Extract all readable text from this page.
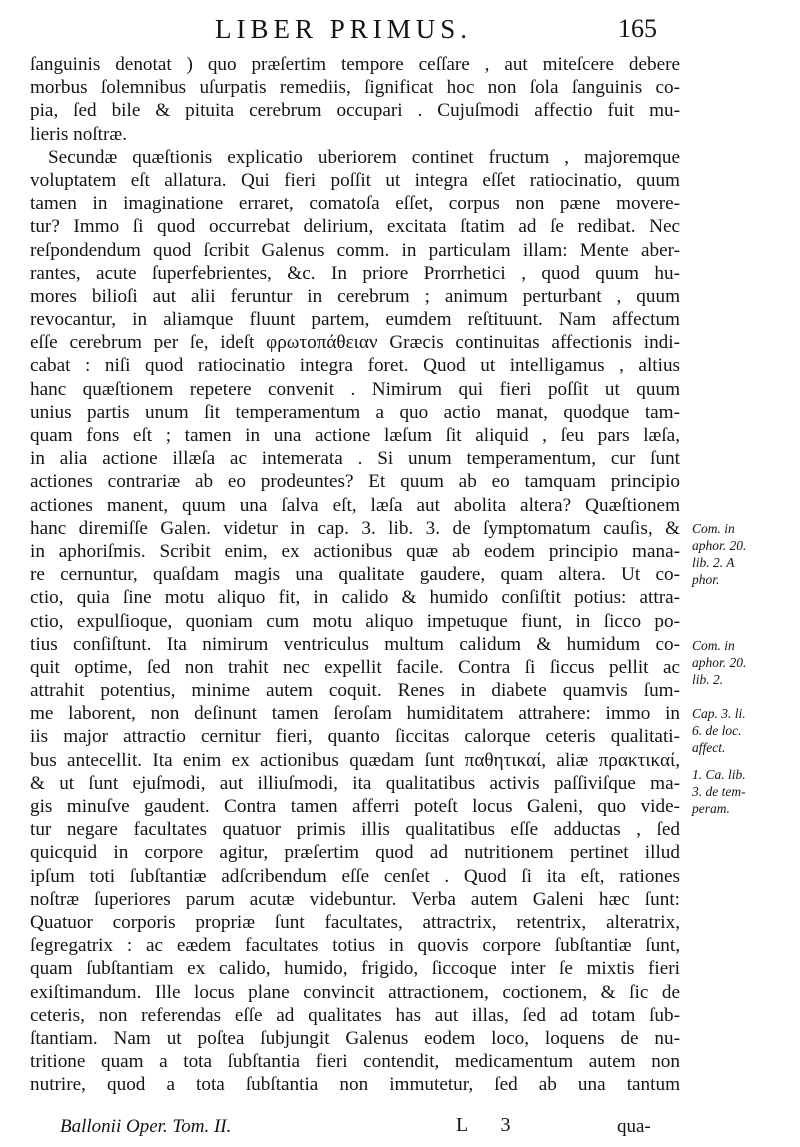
LIBER PRIMUS.	165
ſanguinis denotat ) quo præſertim tempore ceſſare , aut miteſcere debere
morbus ſolemnibus uſurpatis remediis, ſignificat hoc non ſola ſanguinis co-
pia, ſed bile & pituita cerebrum occupari . Cujuſmodi affectio fuit mu-
lieris noſtræ.
Secundæ quæſtionis explicatio uberiorem continet fructum , majoremque
voluptatem eſt allatura. Qui fieri poſſit ut integra eſſet ratiocinatio, quum
tamen in imaginatione erraret, comatoſa eſſet, corpus non pæne movere-
tur? Immo ſi quod occurrebat delirium, excitata ſtatim ad ſe redibat. Nec
reſpondendum quod ſcribit Galenus comm. in particulam illam: Mente aber-
rantes, acute ſuperfebrientes, &c. In priore Prorrhetici , quod quum hu-
mores bilioſi aut alii feruntur in cerebrum ; animum perturbant , quum
revocantur, in aliamque fluunt partem, eumdem reſtituunt. Nam affectum
eſſe cerebrum per ſe, ideſt φρωτοπάθειαν Græcis continuitas affectionis indi-
cabat : niſi quod ratiocinatio integra foret. Quod ut intelligamus , altius
hanc quæſtionem repetere convenit . Nimirum qui fieri poſſit ut quum
unius partis unum ſit temperamentum a quo actio manat, quodque tam-
quam fons eſt ; tamen in una actione læſum ſit aliquid , ſeu pars læſa,
in alia actione illæſa ac intemerata . Si unum temperamentum, cur ſunt
actiones contrariæ ab eo prodeuntes? Et quum ab eo tamquam principio
actiones manent, quum una ſalva eſt, læſa aut abolita altera? Quæſtionem
hanc diremiſſe Galen. videtur in cap. 3. lib. 3. de ſymptomatum cauſis, &
in aphoriſmis. Scribit enim, ex actionibus quæ ab eodem principio mana-
re cernuntur, quaſdam magis una qualitate gaudere, quam altera. Ut co-
ctio, quia ſine motu aliquo fit, in calido & humido conſiſtit potius: attra-
ctio, expulſioque, quoniam cum motu aliquo impetuque fiunt, in ſicco po-
tius conſiſtunt. Ita nimirum ventriculus multum calidum & humidum co-
quit optime, ſed non trahit nec expellit facile. Contra ſi ſiccus pellit ac
attrahit potentius, minime autem coquit. Renes in diabete quamvis ſum-
me laborent, non deſinunt tamen ſeroſam humiditatem attrahere: immo in
iis major attractio cernitur fieri, quanto ſiccitas calorque ceteris qualitati-
bus antecellit. Ita enim ex actionibus quædam ſunt παθητικαί, aliæ πρακτικαί,
& ut ſunt ejuſmodi, aut illiuſmodi, ita qualitatibus activis paſſiviſque ma-
gis minuſve gaudent. Contra tamen afferri poteſt locus Galeni, quo vide-
tur negare facultates quatuor primis illis qualitatibus eſſe adductas , ſed
quicquid in corpore agitur, præſertim quod ad nutritionem pertinet illud
ipſum toti ſubſtantiæ adſcribendum eſſe cenſet . Quod ſi ita eſt, rationes
noſtræ ſuperiores parum acutæ videbuntur. Verba autem Galeni hæc ſunt:
Quatuor corporis propriæ ſunt facultates, attractrix, retentrix, alteratrix,
ſegregatrix : ac eædem facultates totius in quovis corpore ſubſtantiæ ſunt,
quam ſubſtantiam ex calido, humido, frigido, ſiccoque inter ſe mixtis fieri
exiſtimandum. Ille locus plane convincit attractionem, coctionem, & ſic de
ceteris, non referendas eſſe ad qualitates has aut illas, ſed ad totam ſub-
ſtantiam. Nam ut poſtea ſubjungit Galenus eodem loco, loquens de nu-
tritione quam a tota ſubſtantia fieri contendit, medicamentum autem non
nutrire, quod a tota ſubſtantia non immutetur, ſed ab una tantum
Com. in
aphor. 20.
lib. 2. A
phor.
Com. in
aphor. 20.
lib. 2.
Cap. 3. li.
6. de loc.
affect.
1. Ca. lib.
3. de tem-
peram.
Ballonii Oper. Tom. II.	L 3	qua-
